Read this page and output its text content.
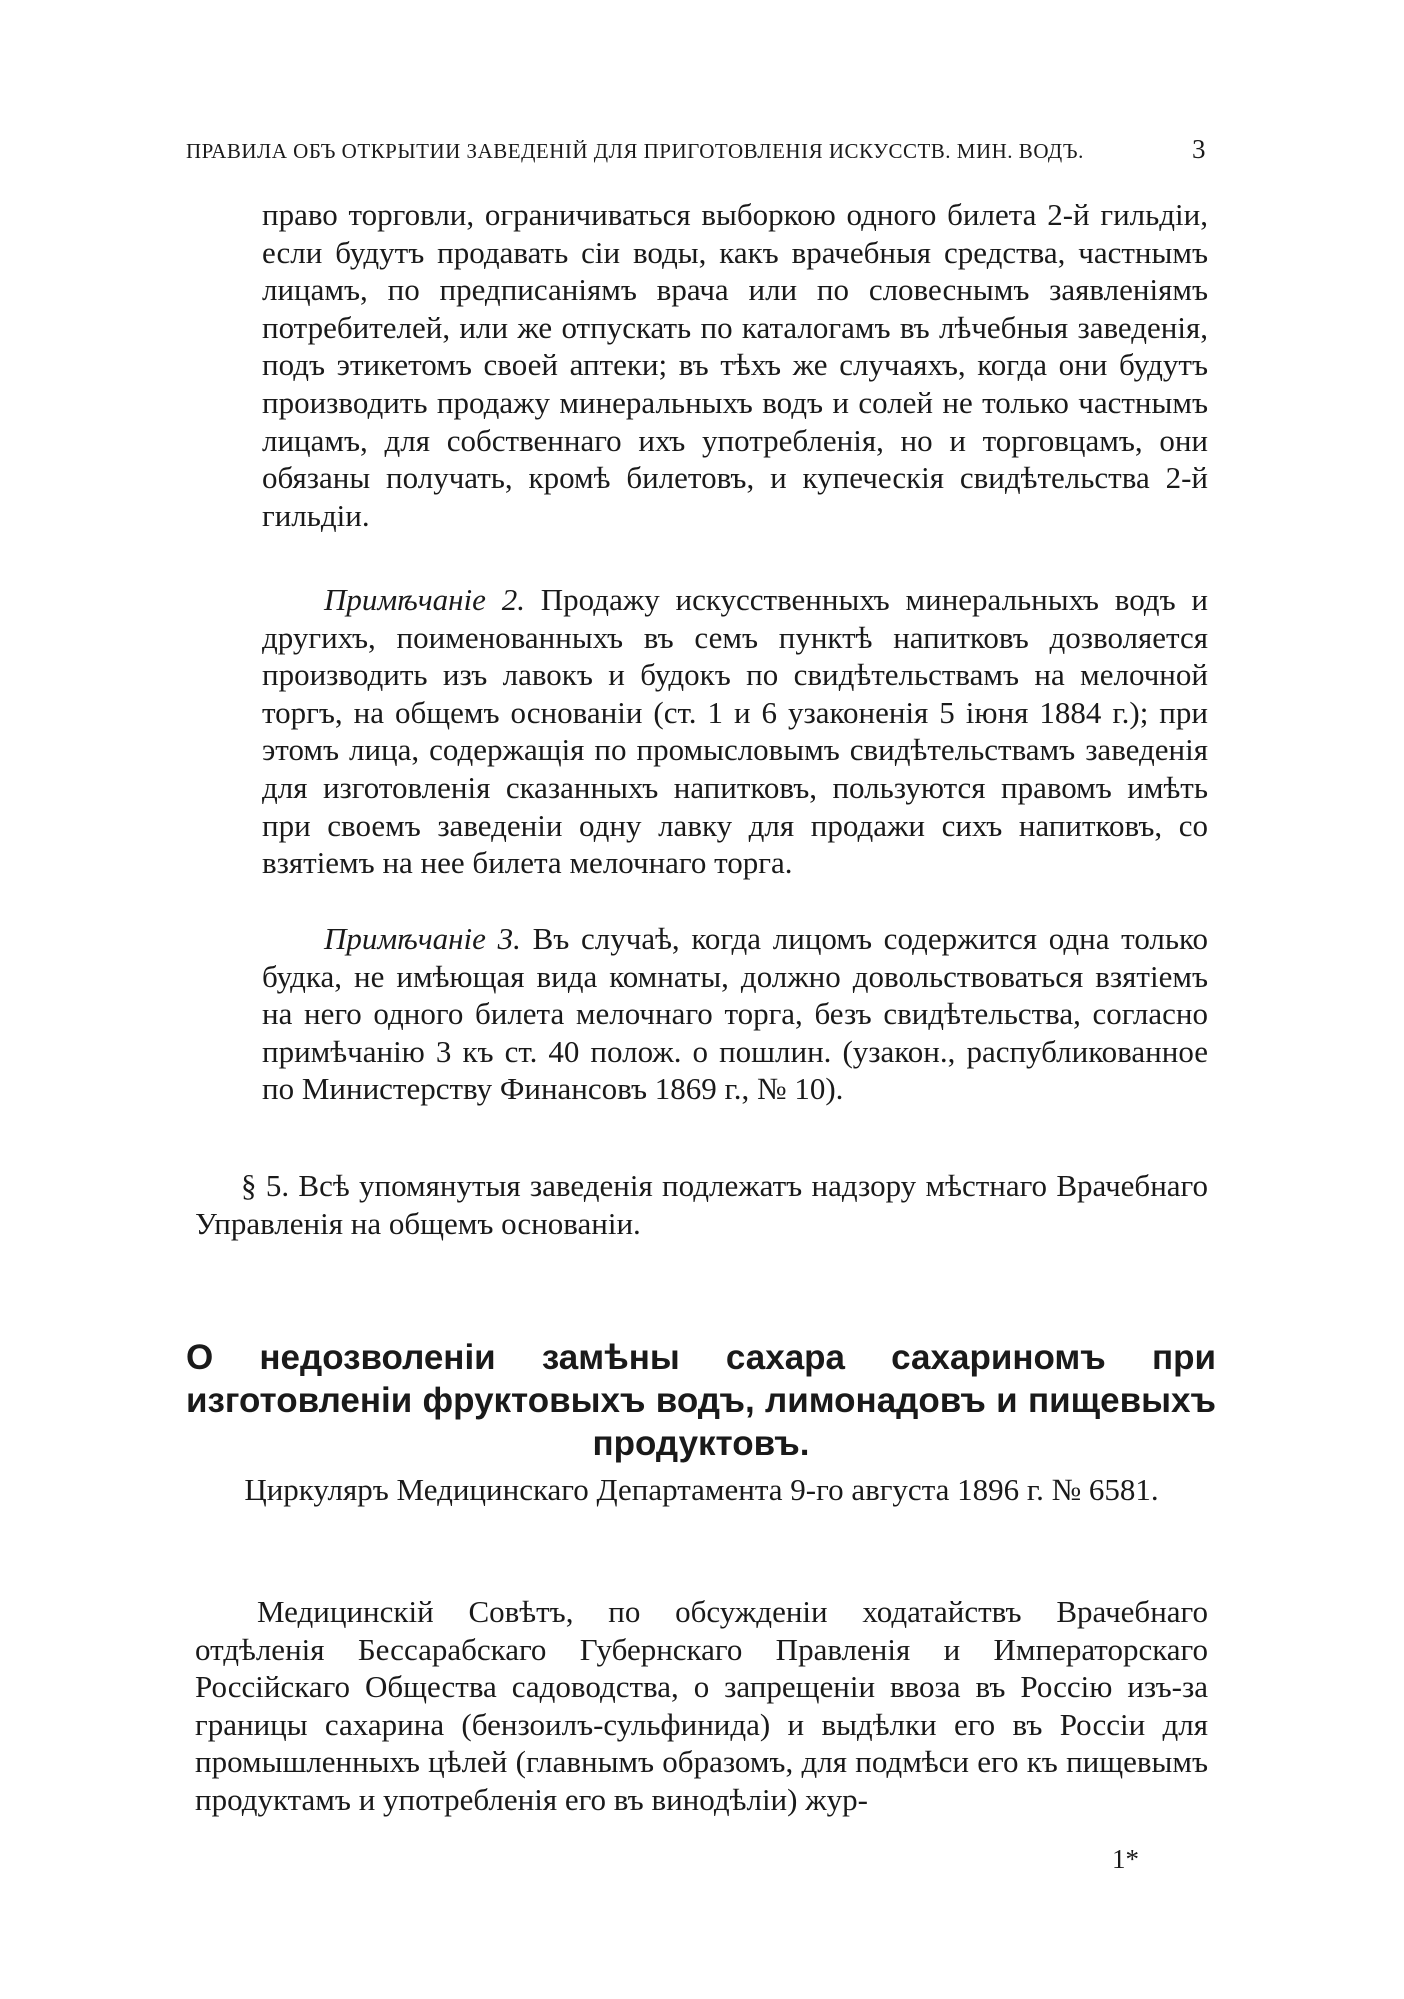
ПРАВИЛА ОБЪ ОТКРЫТИИ ЗАВЕДЕНІЙ ДЛЯ ПРИГОТОВЛЕНІЯ ИСКУССТВ. МИН. ВОДЪ.	3

право торговли, ограничиваться выборкою одного билета 2-й гильдіи, если будутъ продавать сіи воды, какъ врачебныя средства, частнымъ лицамъ, по предписаніямъ врача или по словеснымъ заявленіямъ потребителей, или же отпускать по каталогамъ въ лѣчебныя заведенія, подъ этикетомъ своей аптеки; въ тѣхъ же случаяхъ, когда они будутъ производить продажу минеральныхъ водъ и солей не только частнымъ лицамъ, для собственнаго ихъ употребленія, но и торговцамъ, они обязаны получать, кромѣ билетовъ, и купеческія свидѣтельства 2-й гильдіи.

Примѣчаніе 2. Продажу искусственныхъ минеральныхъ водъ и другихъ, поименованныхъ въ семъ пунктѣ напитковъ дозволяется производить изъ лавокъ и будокъ по свидѣтельствамъ на мелочной торгъ, на общемъ основаніи (ст. 1 и 6 узаконенія 5 іюня 1884 г.); при этомъ лица, содержащія по промысловымъ свидѣтельствамъ заведенія для изготовленія сказанныхъ напитковъ, пользуются правомъ имѣть при своемъ заведеніи одну лавку для продажи сихъ напитковъ, со взятіемъ на нее билета мелочнаго торга.

Примѣчаніе 3. Въ случаѣ, когда лицомъ содержится одна только будка, не имѣющая вида комнаты, должно довольствоваться взятіемъ на него одного билета мелочнаго торга, безъ свидѣтельства, согласно примѣчанію 3 къ ст. 40 полож. о пошлин. (узакон., распубликованное по Министерству Финансовъ 1869 г., № 10).

§ 5. Всѣ упомянутыя заведенія подлежатъ надзору мѣстнаго Врачебнаго Управленія на общемъ основаніи.

О недозволеніи замѣны сахара сахариномъ при изготовленіи фруктовыхъ водъ, лимонадовъ и пищевыхъ продуктовъ.
Циркуляръ Медицинскаго Департамента 9-го августа 1896 г. № 6581.

Медицинскій Совѣтъ, по обсужденіи ходатайствъ Врачебнаго отдѣленія Бессарабскаго Губернскаго Правленія и Императорскаго Россійскаго Общества садоводства, о запрещеніи ввоза въ Россію изъ-за границы сахарина (бензоилъ-сульфинида) и выдѣлки его въ Россіи для промышленныхъ цѣлей (главнымъ образомъ, для подмѣси его къ пищевымъ продуктамъ и употребленія его въ винодѣліи) жур-

1*
